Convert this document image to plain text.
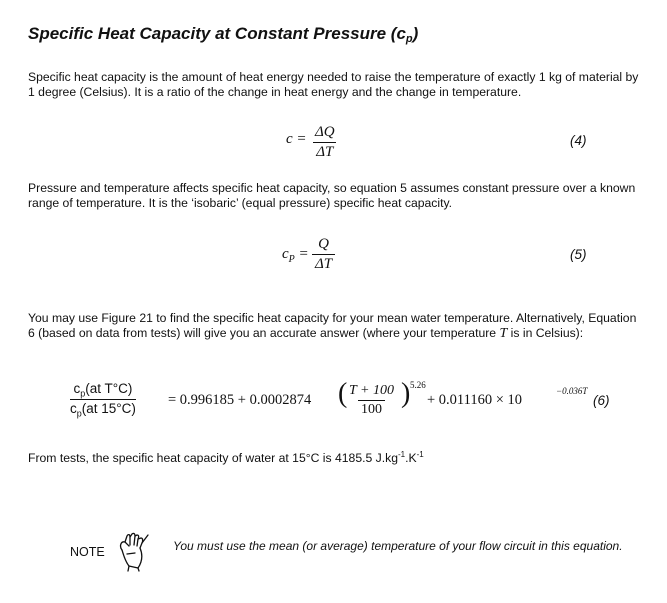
Specific Heat Capacity at Constant Pressure (cp)
Specific heat capacity is the amount of heat energy needed to raise the temperature of exactly 1 kg of material by 1 degree (Celsius). It is a ratio of the change in heat energy and the change in temperature.
$c = \frac{\Delta Q}{\Delta T}$	(4)
Pressure and temperature affects specific heat capacity, so equation 5 assumes constant pressure over a known range of temperature. It is the ‘isobaric’ (equal pressure) specific heat capacity.
$c_P = \frac{Q}{\Delta T}$	(5)
You may use Figure 21 to find the specific heat capacity for your mean water temperature. Alternatively, Equation 6 (based on data from tests) will give you an accurate answer (where your temperature T is in Celsius):
$\frac{c_p(at T^\circ C)}{c_p(at 15^\circ C)} = 0.996185 + 0.0002874$ (
$\frac{T + 100}{100}$ ) 5.26
+ 0.011160 × 10
−0.036T
(6)
From tests, the specific heat capacity of water at 15°C is 4185.5 $J.kg^{-1}.K^{-1}$
NOTE	You must use the mean (or average) temperature of your flow circuit in this equation.
